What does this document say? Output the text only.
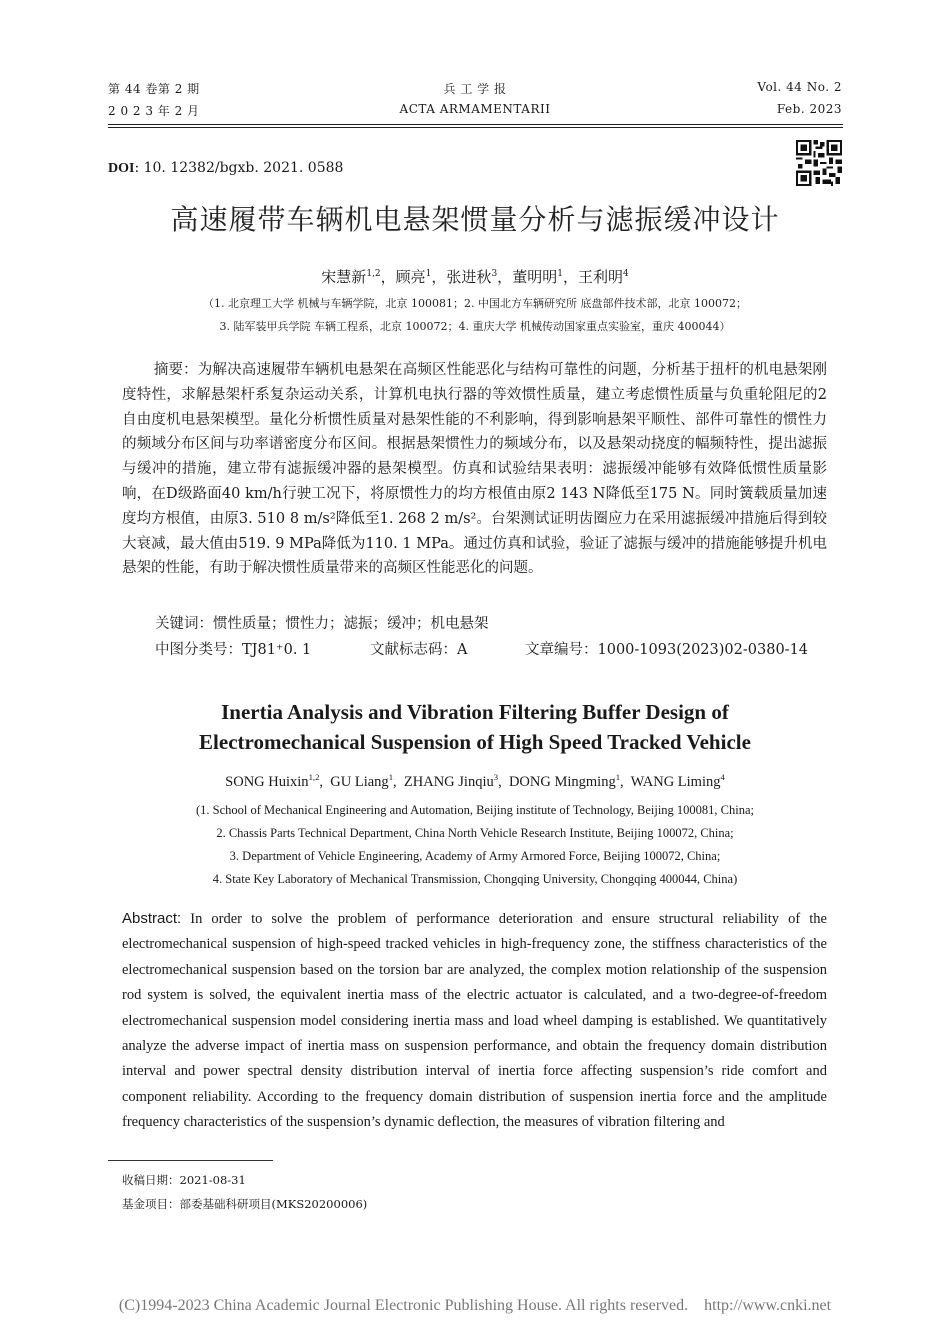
第 44 卷第 2 期
2 0 2 3 年 2 月
兵 工 学 报
ACTA ARMAMENTARII
Vol. 44 No. 2
Feb. 2023
DOI: 10. 12382/bgxb. 2021. 0588
高速履带车辆机电悬架惯量分析与滤振缓冲设计
宋慧新$^{1,2}$，顾亮$^1$，张进秋$^3$，董明明$^1$，王利明$^4$
（1. 北京理工大学 机械与车辆学院，北京 100081；2. 中国北方车辆研究所 底盘部件技术部，北京 100072；
3. 陆军装甲兵学院 车辆工程系，北京 100072；4. 重庆大学 机械传动国家重点实验室，重庆 400044）
摘要：为解决高速履带车辆机电悬架在高频区性能恶化与结构可靠性的问题，分析基于扭杆的机电悬架刚度特性，求解悬架杆系复杂运动关系，计算机电执行器的等效惯性质量，建立考虑惯性质量与负重轮阻尼的2自由度机电悬架模型。量化分析惯性质量对悬架性能的不利影响，得到影响悬架平顺性、部件可靠性的惯性力的频域分布区间与功率谱密度分布区间。根据悬架惯性力的频域分布，以及悬架动挠度的幅频特性，提出滤振与缓冲的措施，建立带有滤振缓冲器的悬架模型。仿真和试验结果表明：滤振缓冲能够有效降低惯性质量影响，在D级路面40 km/h行驶工况下，将原惯性力的均方根值由原2 143 N降低至175 N。同时簧载质量加速度均方根值，由原3. 510 8 m/s²降低至1. 268 2 m/s²。台架测试证明齿圈应力在采用滤振缓冲措施后得到较大衰减，最大值由519. 9 MPa降低为110. 1 MPa。通过仿真和试验，验证了滤振与缓冲的措施能够提升机电悬架的性能，有助于解决惯性质量带来的高频区性能恶化的问题。
关键词：惯性质量；惯性力；滤振；缓冲；机电悬架
中图分类号：TJ81⁺0. 1	文献标志码：A	文章编号：1000-1093(2023)02-0380-14
Inertia Analysis and Vibration Filtering Buffer Design of
Electromechanical Suspension of High Speed Tracked Vehicle
SONG Huixin$^{1,2}$,  GU Liang$^1$,  ZHANG Jinqiu$^3$,  DONG Mingming$^1$,  WANG Liming$^4$
(1. School of Mechanical Engineering and Automation, Beijing institute of Technology, Beijing 100081, China;
2. Chassis Parts Technical Department, China North Vehicle Research Institute, Beijing 100072, China;
3. Department of Vehicle Engineering, Academy of Army Armored Force, Beijing 100072, China;
4. State Key Laboratory of Mechanical Transmission, Chongqing University, Chongqing 400044, China)
Abstract: In order to solve the problem of performance deterioration and ensure structural reliability of the electromechanical suspension of high-speed tracked vehicles in high-frequency zone, the stiffness characteristics of the electromechanical suspension based on the torsion bar are analyzed, the complex motion relationship of the suspension rod system is solved, the equivalent inertia mass of the electric actuator is calculated, and a two-degree-of-freedom electromechanical suspension model considering inertia mass and load wheel damping is established. We quantitatively analyze the adverse impact of inertia mass on suspension performance, and obtain the frequency domain distribution interval and power spectral density distribution interval of inertia force affecting suspension’s ride comfort and component reliability. According to the frequency domain distribution of suspension inertia force and the amplitude frequency characteristics of the suspension’s dynamic deflection, the measures of vibration filtering and
收稿日期：2021-08-31
基金项目：部委基础科研项目(MKS20200006)
(C)1994-2023 China Academic Journal Electronic Publishing House. All rights reserved.    http://www.cnki.net
